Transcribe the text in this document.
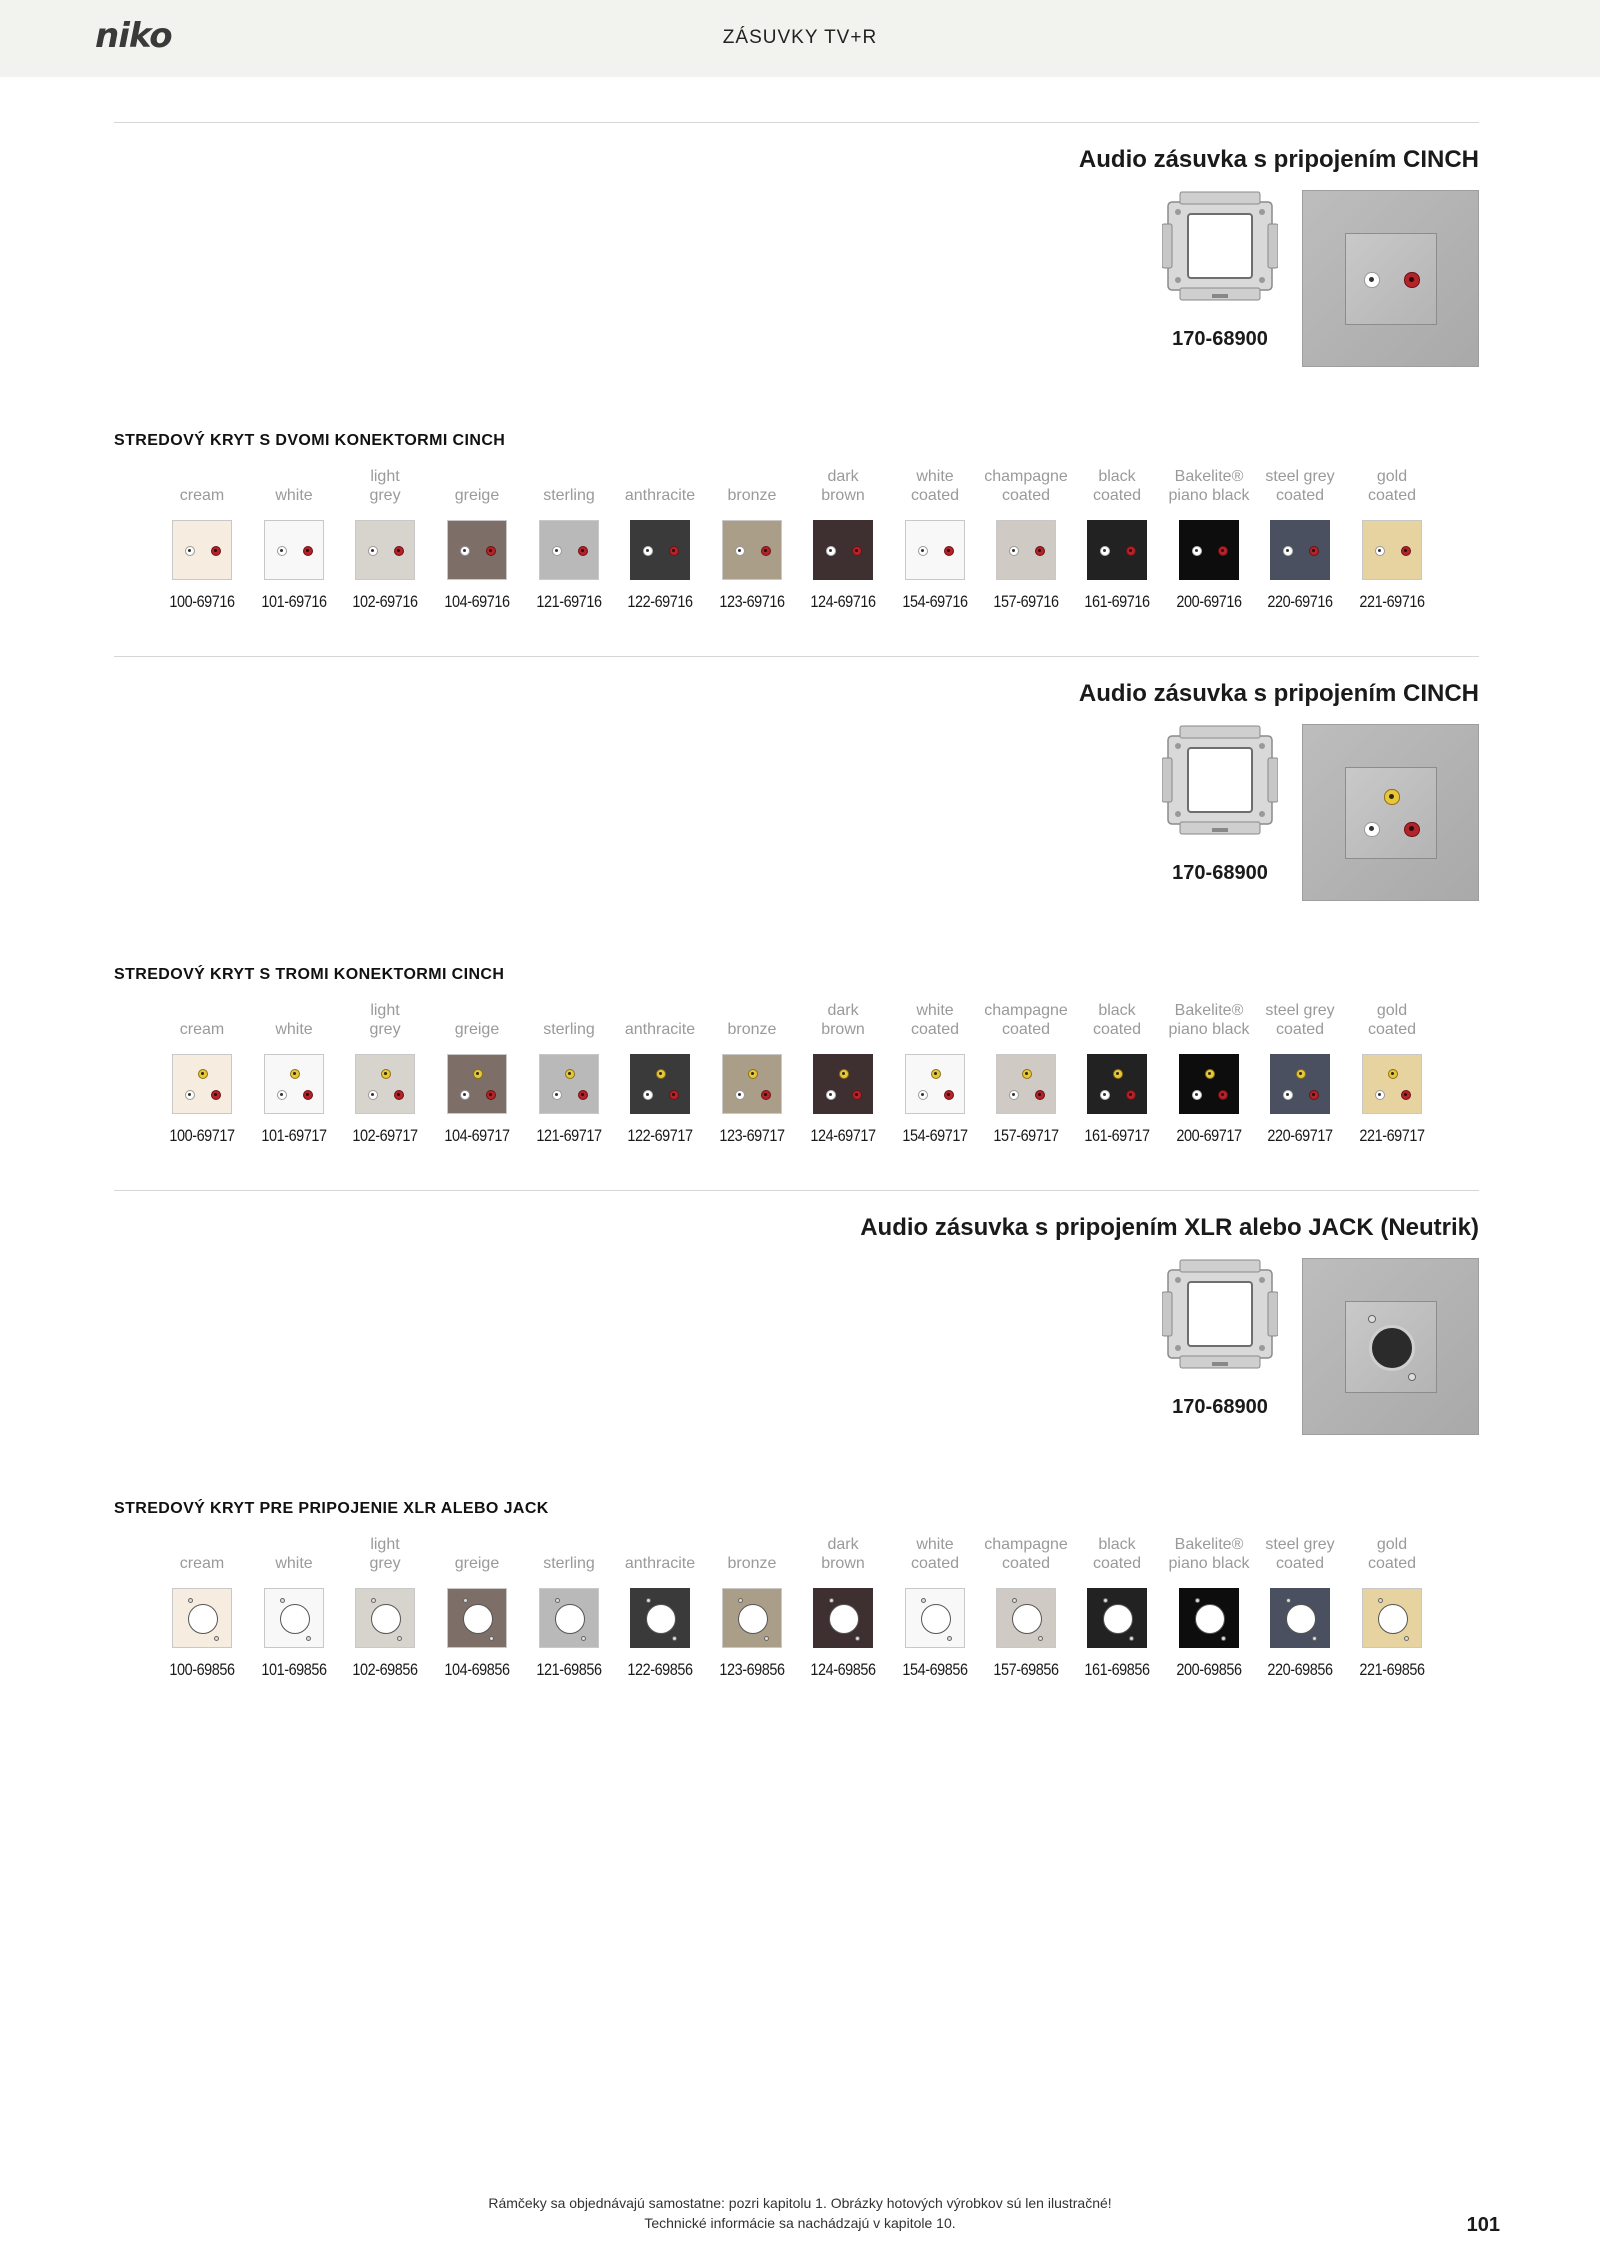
niko	ZÁSUVKY TV+R
Audio zásuvka s pripojením CINCH
170-68900
STREDOVÝ KRYT S DVOMI KONEKTORMI CINCH
cream
100-69716
white
101-69716
light
grey
102-69716
greige
104-69716
sterling
121-69716
anthracite
122-69716
bronze
123-69716
dark
brown
124-69716
white
coated
154-69716
champagne
coated
157-69716
black
coated
161-69716
Bakelite®
piano black
200-69716
steel grey
coated
220-69716
gold
coated
221-69716
Audio zásuvka s pripojením CINCH
170-68900
STREDOVÝ KRYT S TROMI KONEKTORMI CINCH
cream
100-69717
white
101-69717
light
grey
102-69717
greige
104-69717
sterling
121-69717
anthracite
122-69717
bronze
123-69717
dark
brown
124-69717
white
coated
154-69717
champagne
coated
157-69717
black
coated
161-69717
Bakelite®
piano black
200-69717
steel grey
coated
220-69717
gold
coated
221-69717
Audio zásuvka s pripojením XLR alebo JACK (Neutrik)
170-68900
STREDOVÝ KRYT PRE PRIPOJENIE XLR ALEBO JACK
cream
100-69856
white
101-69856
light
grey
102-69856
greige
104-69856
sterling
121-69856
anthracite
122-69856
bronze
123-69856
dark
brown
124-69856
white
coated
154-69856
champagne
coated
157-69856
black
coated
161-69856
Bakelite®
piano black
200-69856
steel grey
coated
220-69856
gold
coated
221-69856
Rámčeky sa objednávajú samostatne: pozri kapitolu 1. Obrázky hotových výrobkov sú len ilustračné!
Technické informácie sa nachádzajú v kapitole 10.	101
